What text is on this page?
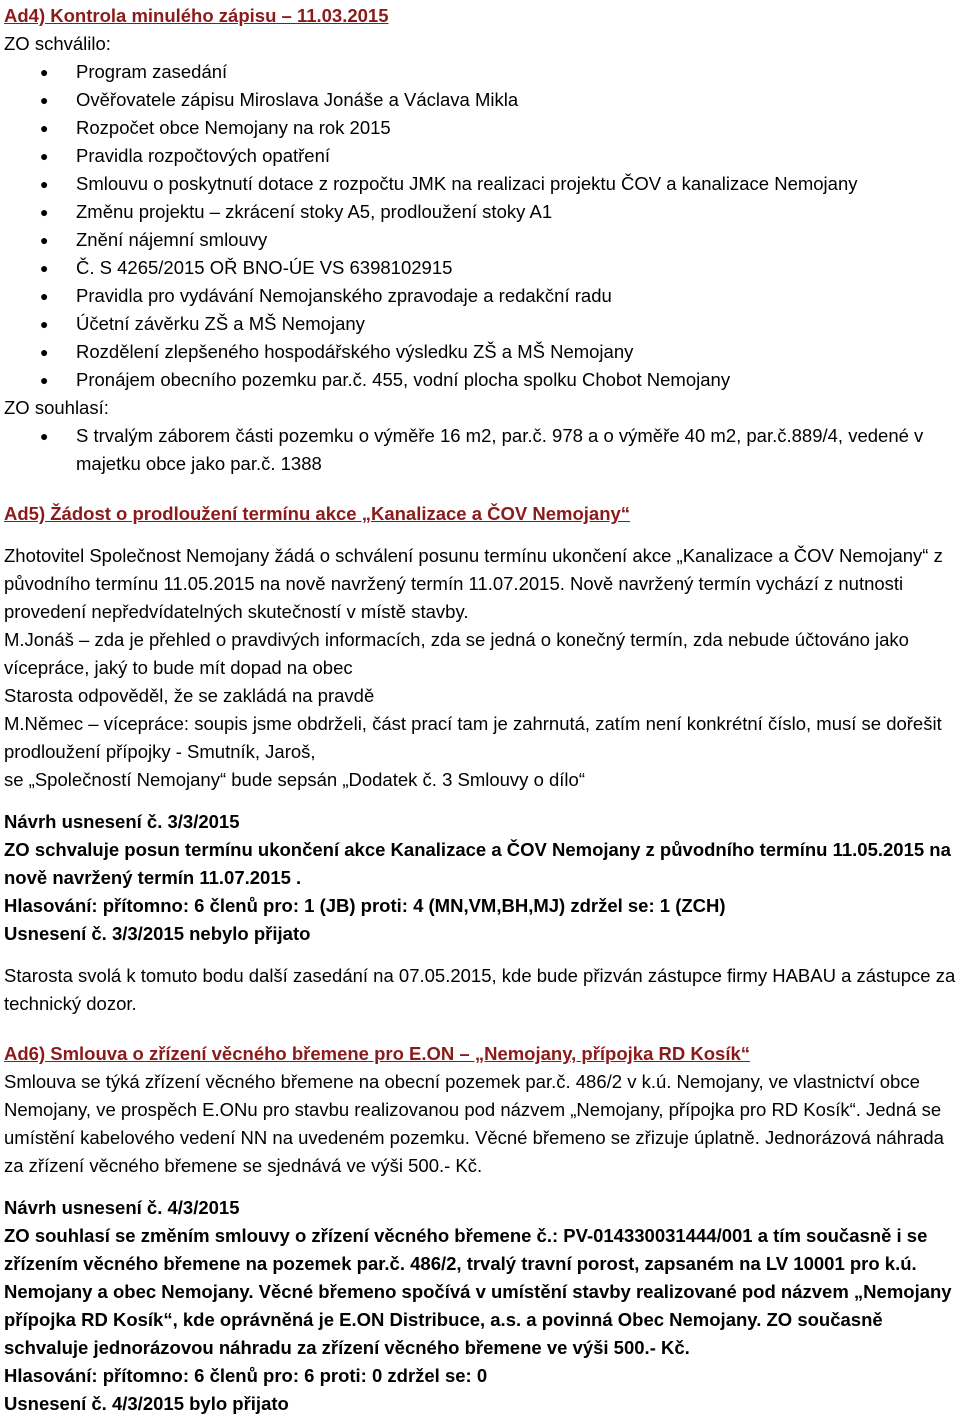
Ad4) Kontrola minulého zápisu – 11.03.2015

ZO schválilo:

● Program zasedání
● Ověřovatele zápisu Miroslava Jonáše a Václava Mikla
● Rozpočet obce Nemojany na rok 2015
● Pravidla rozpočtových opatření
● Smlouvu o poskytnutí dotace z rozpočtu JMK na realizaci projektu ČOV a kanalizace Nemojany
● Změnu projektu – zkrácení stoky A5, prodloužení stoky A1
● Znění nájemní smlouvy
● Č. S 4265/2015 OŘ BNO-ÚE VS 6398102915
● Pravidla pro vydávání Nemojanského zpravodaje a redakční radu
● Účetní závěrku ZŠ a MŠ Nemojany
● Rozdělení zlepšeného hospodářského výsledku ZŠ a MŠ Nemojany
● Pronájem obecního pozemku par.č. 455, vodní plocha spolku Chobot Nemojany

ZO souhlasí:

● S trvalým záborem části pozemku o výměře 16 m2, par.č. 978 a o výměře 40 m2, par.č.889/4, vedené v majetku obce jako par.č. 1388

Ad5) Žádost o prodloužení termínu akce „Kanalizace a ČOV Nemojany“

Zhotovitel Společnost Nemojany žádá o schválení posunu termínu ukončení akce „Kanalizace a ČOV Nemojany“ z původního termínu 11.05.2015 na nově navržený termín 11.07.2015. Nově navržený termín vychází z nutnosti provedení nepředvídatelných skutečností v místě stavby.

M.Jonáš – zda je přehled o pravdivých informacích, zda se jedná o konečný termín, zda nebude účtováno jako vícepráce, jaký to bude mít dopad na obec

Starosta odpověděl, že se zakládá na pravdě

M.Němec – vícepráce: soupis jsme obdrželi, část prací tam je zahrnutá, zatím není konkrétní číslo, musí se dořešit prodloužení přípojky - Smutník, Jaroš,

se „Společností Nemojany“ bude sepsán „Dodatek č. 3 Smlouvy o dílo“

Návrh usnesení č. 3/3/2015

ZO schvaluje posun termínu ukončení akce Kanalizace a ČOV Nemojany z původního termínu 11.05.2015 na nově navržený termín 11.07.2015 .

Hlasování: přítomno: 6 členů pro: 1 (JB) proti: 4 (MN,VM,BH,MJ) zdržel se: 1 (ZCH)

Usnesení č. 3/3/2015 nebylo přijato

Starosta svolá k tomuto bodu další zasedání na 07.05.2015, kde bude přizván zástupce firmy HABAU a zástupce za technický dozor.

Ad6) Smlouva o zřízení věcného břemene pro E.ON – „Nemojany, přípojka RD Kosík“

Smlouva se týká zřízení věcného břemene na obecní pozemek par.č. 486/2 v k.ú. Nemojany, ve vlastnictví obce Nemojany, ve prospěch E.ONu pro stavbu realizovanou pod názvem „Nemojany, přípojka pro RD Kosík“. Jedná se umístění kabelového vedení NN na uvedeném pozemku. Věcné břemeno se zřizuje úplatně. Jednorázová náhrada za zřízení věcného břemene se sjednává ve výši 500.- Kč.

Návrh usnesení č. 4/3/2015

ZO souhlasí se změním smlouvy o zřízení věcného břemene č.: PV-014330031444/001 a tím současně i se zřízením věcného břemene na pozemek par.č. 486/2, trvalý travní porost, zapsaném na LV 10001 pro k.ú. Nemojany a obec Nemojany. Věcné břemeno spočívá v umístění stavby realizované pod názvem „Nemojany přípojka RD Kosík“, kde oprávněná je E.ON Distribuce, a.s. a povinná Obec Nemojany. ZO současně schvaluje jednorázovou náhradu za zřízení věcného břemene ve výši 500.- Kč.

Hlasování: přítomno: 6 členů pro: 6 proti: 0 zdržel se: 0

Usnesení č. 4/3/2015 bylo přijato
